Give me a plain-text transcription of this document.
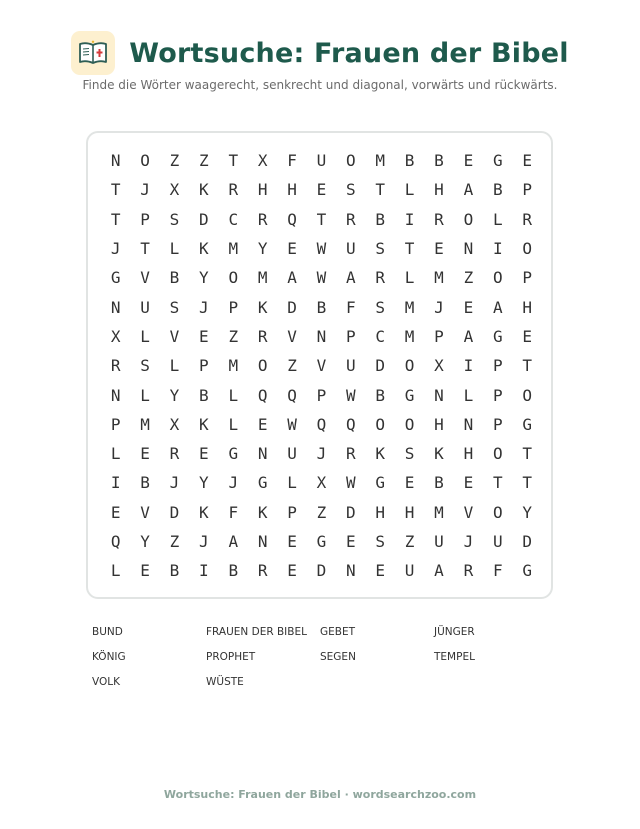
Wortsuche: Frauen der Bibel
Finde die Wörter waagerecht, senkrecht und diagonal, vorwärts und rückwärts.
N	O	Z	Z	T	X	F	U	O	M	B	B	E	G	E
T	J	X	K	R	H	H	E	S	T	L	H	A	B	P
T	P	S	D	C	R	Q	T	R	B	I	R	O	L	R
J	T	L	K	M	Y	E	W	U	S	T	E	N	I	O
G	V	B	Y	O	M	A	W	A	R	L	M	Z	O	P
N	U	S	J	P	K	D	B	F	S	M	J	E	A	H
X	L	V	E	Z	R	V	N	P	C	M	P	A	G	E
R	S	L	P	M	O	Z	V	U	D	O	X	I	P	T
N	L	Y	B	L	Q	Q	P	W	B	G	N	L	P	O
P	M	X	K	L	E	W	Q	Q	O	O	H	N	P	G
L	E	R	E	G	N	U	J	R	K	S	K	H	O	T
I	B	J	Y	J	G	L	X	W	G	E	B	E	T	T
E	V	D	K	F	K	P	Z	D	H	H	M	V	O	Y
Q	Y	Z	J	A	N	E	G	E	S	Z	U	J	U	D
L	E	B	I	B	R	E	D	N	E	U	A	R	F	G
BUND	FRAUEN DER BIBEL	GEBET	JÜNGER
KÖNIG	PROPHET	SEGEN	TEMPEL
VOLK	WÜSTE
Wortsuche: Frauen der Bibel · wordsearchzoo.com
